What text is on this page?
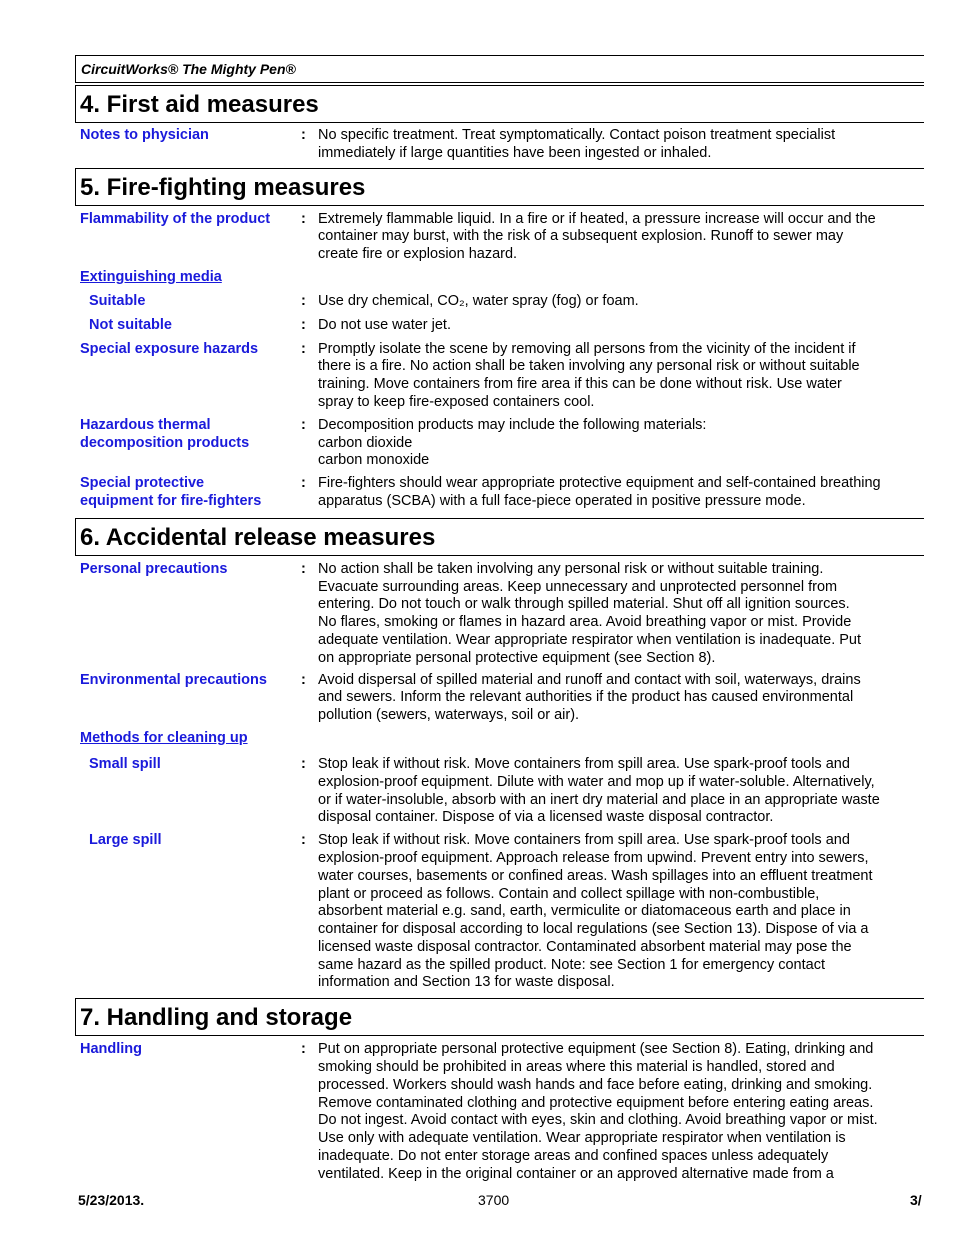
CircuitWorks® The Mighty Pen®
4. First aid measures
Notes to physician	: No specific treatment. Treat symptomatically. Contact poison treatment specialist
immediately if large quantities have been ingested or inhaled.
5. Fire-fighting measures
Flammability of the product	: Extremely flammable liquid. In a fire or if heated, a pressure increase will occur and the
container may burst, with the risk of a subsequent explosion. Runoff to sewer may
create fire or explosion hazard.
Extinguishing media
Suitable	: Use dry chemical, CO₂, water spray (fog) or foam.
Not suitable	: Do not use water jet.
Special exposure hazards	: Promptly isolate the scene by removing all persons from the vicinity of the incident if
there is a fire. No action shall be taken involving any personal risk or without suitable
training. Move containers from fire area if this can be done without risk. Use water
spray to keep fire-exposed containers cool.
Hazardous thermal
decomposition products
: Decomposition products may include the following materials:
carbon dioxide
carbon monoxide
Special protective
equipment for fire-fighters
: Fire-fighters should wear appropriate protective equipment and self-contained breathing
apparatus (SCBA) with a full face-piece operated in positive pressure mode.
6. Accidental release measures
Personal precautions	: No action shall be taken involving any personal risk or without suitable training.
Evacuate surrounding areas. Keep unnecessary and unprotected personnel from
entering. Do not touch or walk through spilled material. Shut off all ignition sources.
No flares, smoking or flames in hazard area. Avoid breathing vapor or mist. Provide
adequate ventilation. Wear appropriate respirator when ventilation is inadequate. Put
on appropriate personal protective equipment (see Section 8).
Environmental precautions	: Avoid dispersal of spilled material and runoff and contact with soil, waterways, drains
and sewers. Inform the relevant authorities if the product has caused environmental
pollution (sewers, waterways, soil or air).
Methods for cleaning up
Small spill	: Stop leak if without risk. Move containers from spill area. Use spark-proof tools and
explosion-proof equipment. Dilute with water and mop up if water-soluble. Alternatively,
or if water-insoluble, absorb with an inert dry material and place in an appropriate waste
disposal container. Dispose of via a licensed waste disposal contractor.
Large spill	: Stop leak if without risk. Move containers from spill area. Use spark-proof tools and
explosion-proof equipment. Approach release from upwind. Prevent entry into sewers,
water courses, basements or confined areas. Wash spillages into an effluent treatment
plant or proceed as follows. Contain and collect spillage with non-combustible,
absorbent material e.g. sand, earth, vermiculite or diatomaceous earth and place in
container for disposal according to local regulations (see Section 13). Dispose of via a
licensed waste disposal contractor. Contaminated absorbent material may pose the
same hazard as the spilled product. Note: see Section 1 for emergency contact
information and Section 13 for waste disposal.
7. Handling and storage
Handling	: Put on appropriate personal protective equipment (see Section 8). Eating, drinking and
smoking should be prohibited in areas where this material is handled, stored and
processed. Workers should wash hands and face before eating, drinking and smoking.
Remove contaminated clothing and protective equipment before entering eating areas.
Do not ingest. Avoid contact with eyes, skin and clothing. Avoid breathing vapor or mist.
Use only with adequate ventilation. Wear appropriate respirator when ventilation is
inadequate. Do not enter storage areas and confined spaces unless adequately
ventilated. Keep in the original container or an approved alternative made from a
5/23/2013.	3700	3/
